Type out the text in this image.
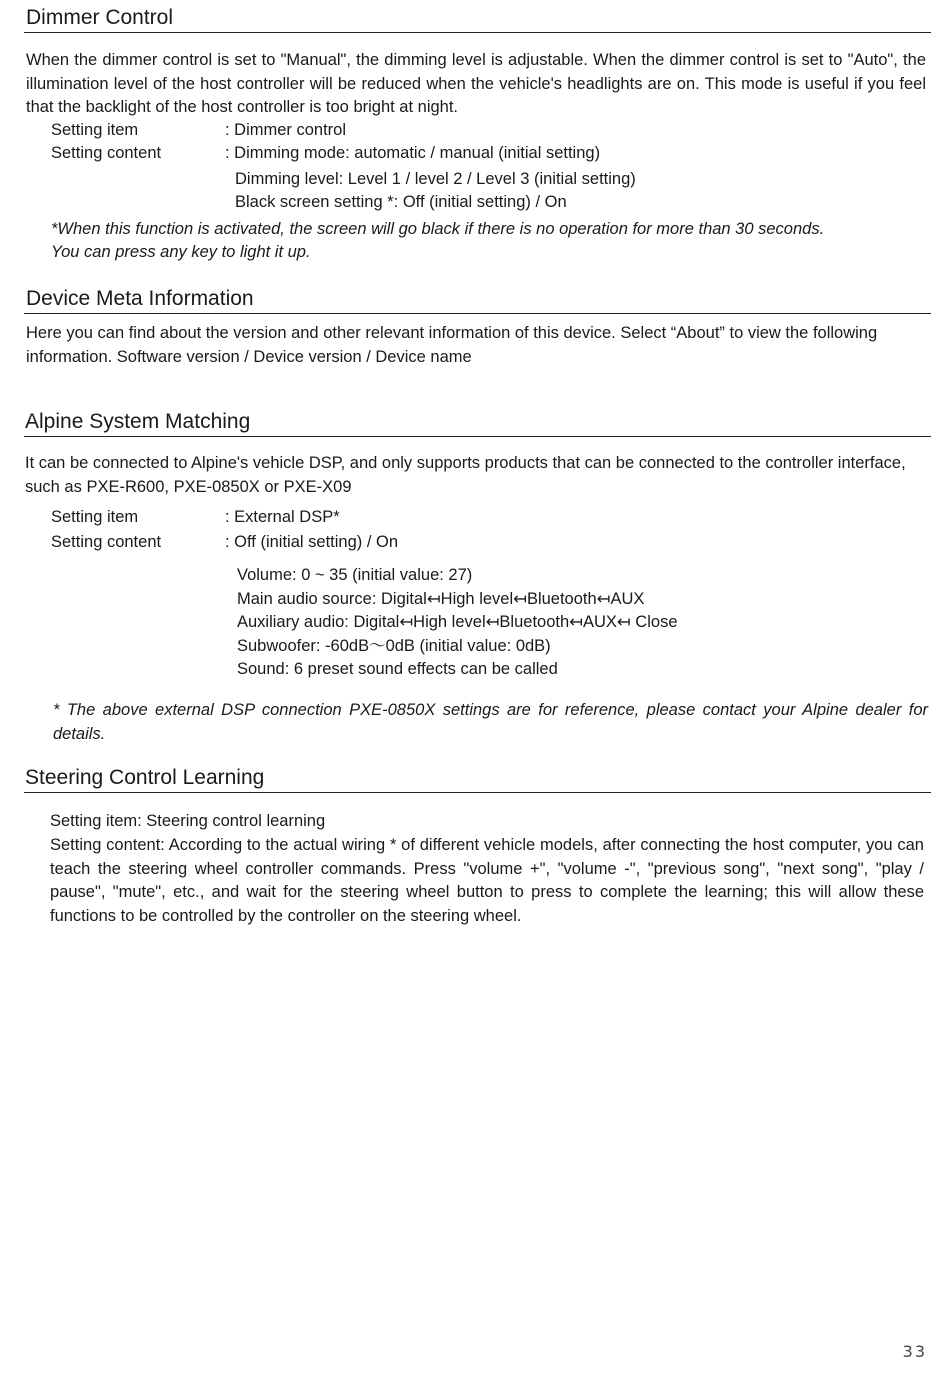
Dimmer Control

When the dimmer control is set to "Manual", the dimming level is adjustable. When the dimmer control is set to "Auto", the illumination level of the host controller will be reduced when the vehicle's headlights are on. This mode is useful if you feel that the backlight of the host controller is too bright at night.

Setting item	: Dimmer control
Setting content	: Dimming mode: automatic / manual (initial setting)
Dimming level: Level 1 / level 2 / Level 3 (initial setting)
Black screen setting *: Off (initial setting) / On
*When this function is activated, the screen will go black if there is no operation for more than 30 seconds.
You can press any key to light it up.
Device Meta Information

Here you can find about the version and other relevant information of this device. Select “About” to view the following information. Software version / Device version / Device name

Alpine System Matching

It can be connected to Alpine's vehicle DSP, and only supports products that can be connected to the controller interface, such as PXE-R600, PXE-0850X or PXE-X09

Setting item	: External DSP*
Setting content	: Off (initial setting) / On
Volume: 0 ~ 35 (initial value: 27)
Main audio source: Digital↤High level↤Bluetooth↤AUX
Auxiliary audio: Digital↤High level↤Bluetooth↤AUX↤ Close
Subwoofer: -60dB～0dB (initial value: 0dB)
Sound: 6 preset sound effects can be called

* The above external DSP connection PXE-0850X settings are for reference, please contact your Alpine dealer for details.

Steering Control Learning
Setting item: Steering control learning

Setting content: According to the actual wiring * of different vehicle models, after connecting the host computer, you can teach the steering wheel controller commands. Press "volume +", "volume -", "previous song", "next song", "play / pause", "mute", etc., and wait for the steering wheel button to press to complete the learning; this will allow these functions to be controlled by the controller on the steering wheel.

33
